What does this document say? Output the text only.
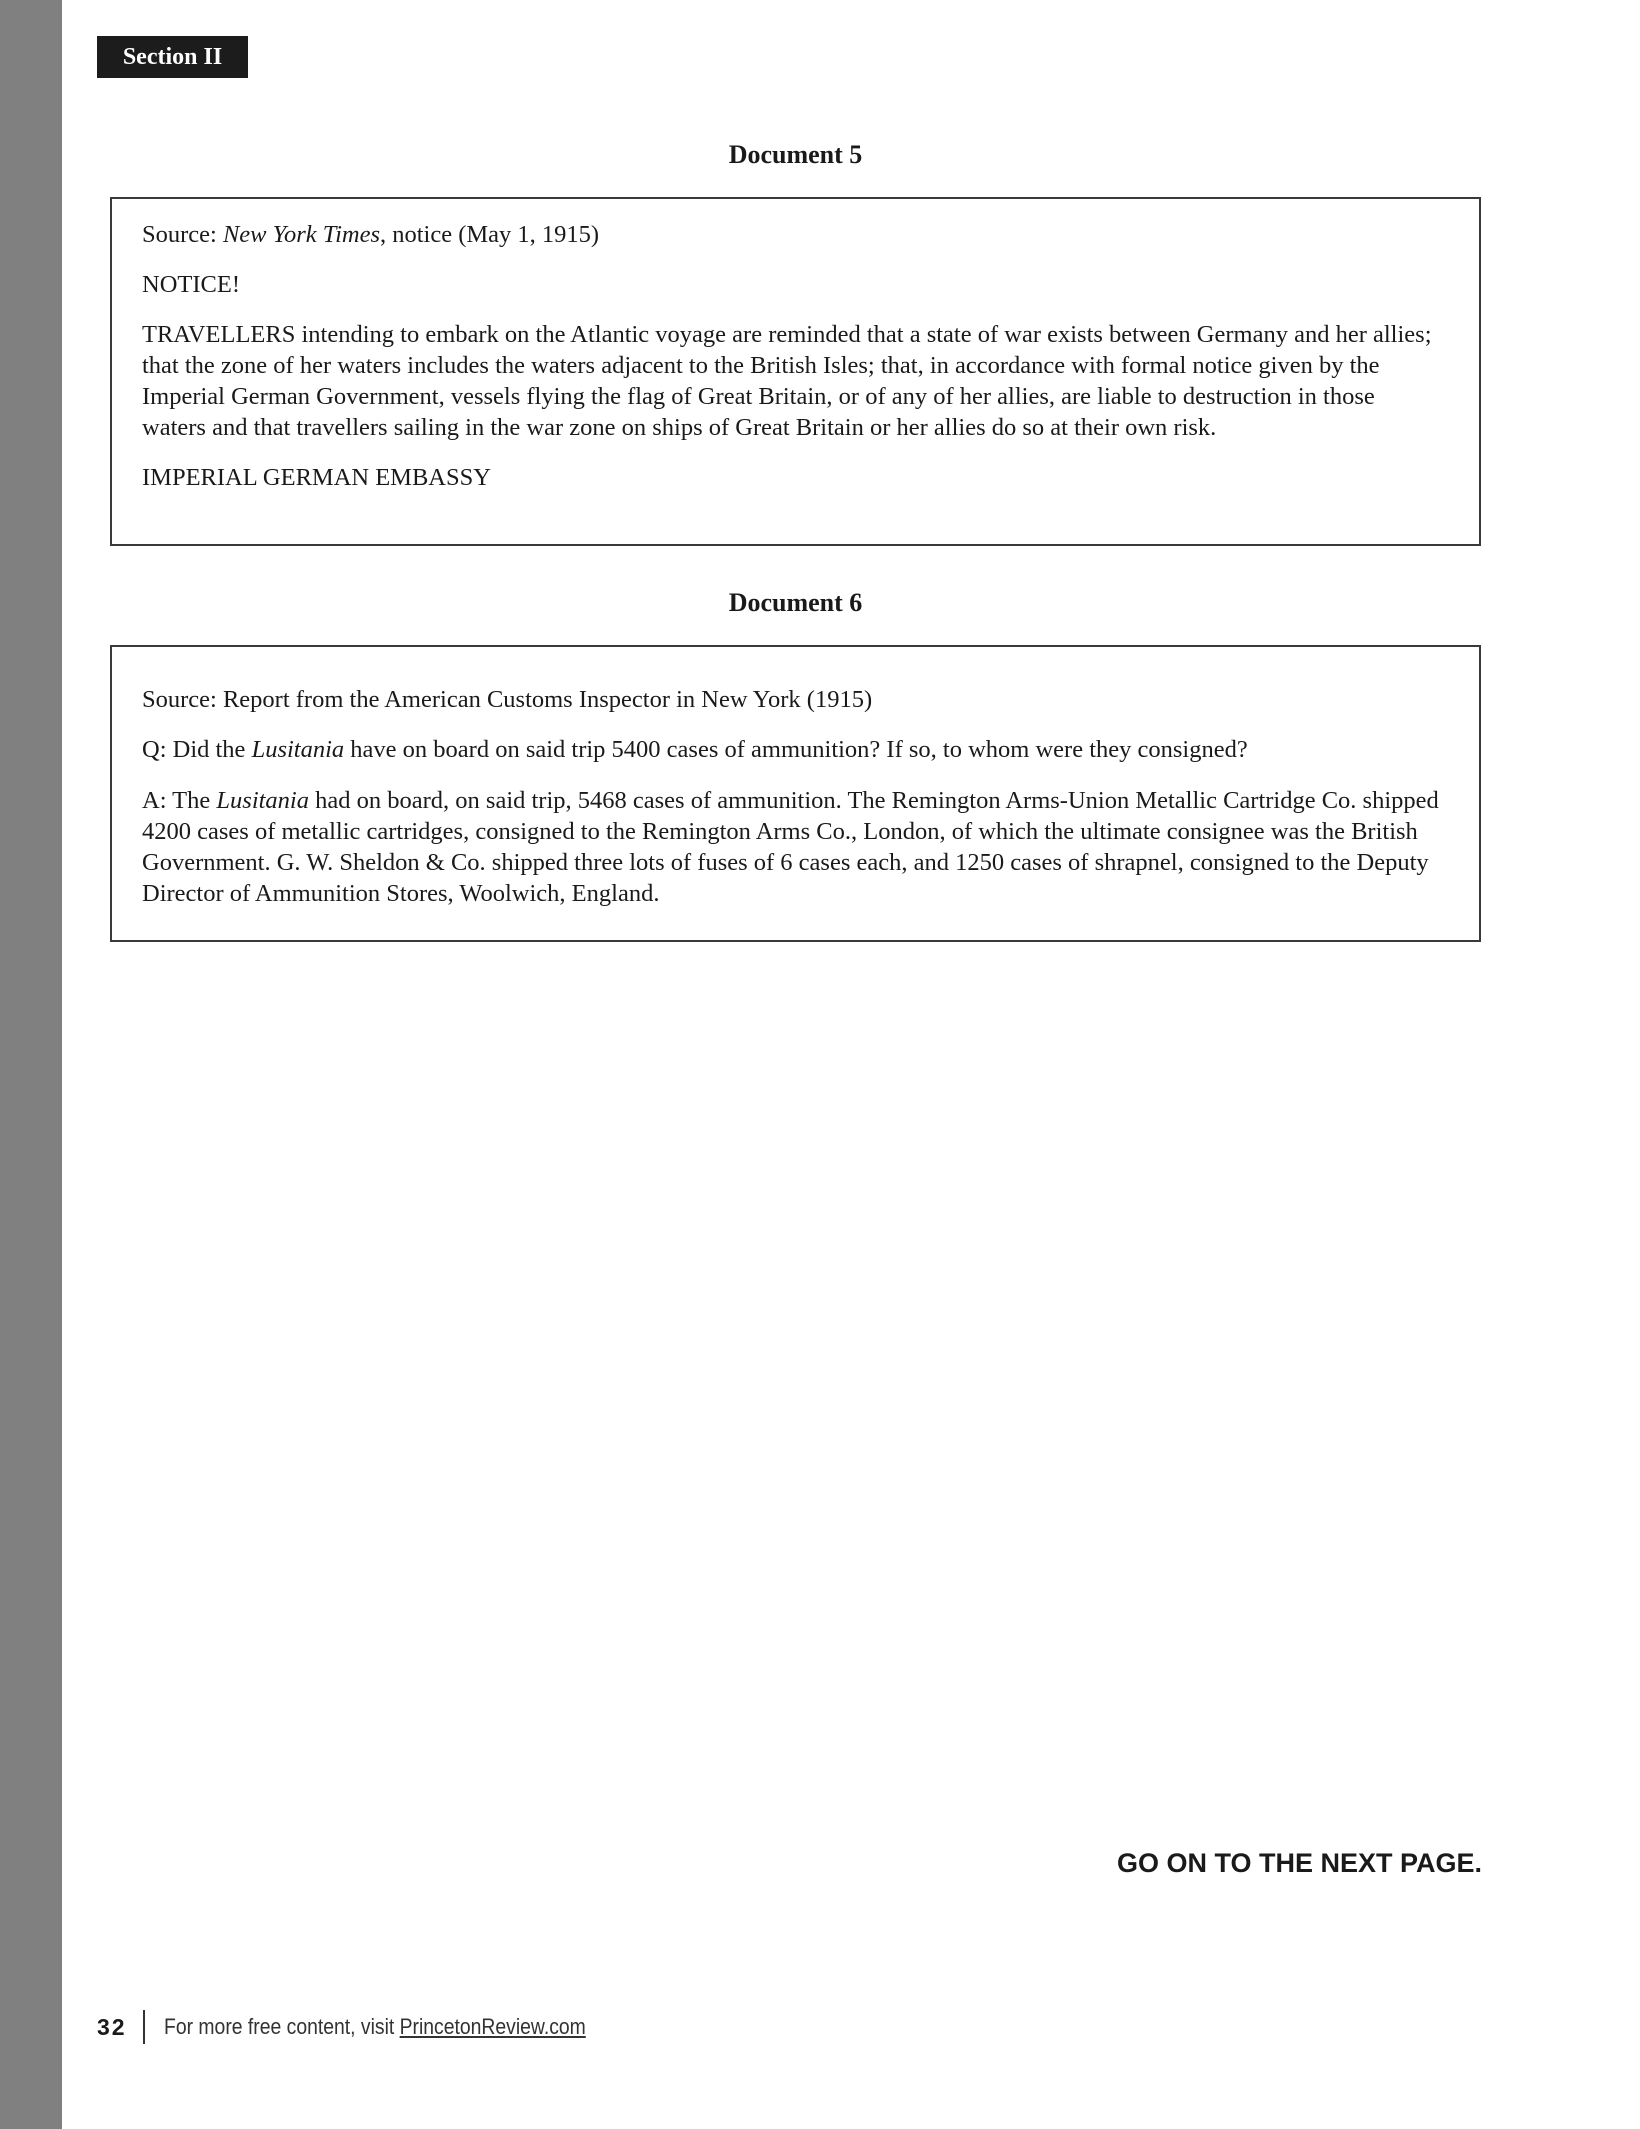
Section II
Document 5

Source: New York Times, notice (May 1, 1915)

NOTICE!

TRAVELLERS intending to embark on the Atlantic voyage are reminded that a state of war exists between Germany and her allies; that the zone of her waters includes the waters adjacent to the British Isles; that, in accordance with formal notice given by the Imperial German Government, vessels flying the flag of Great Britain, or of any of her allies, are liable to destruction in those waters and that travellers sailing in the war zone on ships of Great Britain or her allies do so at their own risk.

IMPERIAL GERMAN EMBASSY

Document 6

Source: Report from the American Customs Inspector in New York (1915)

Q: Did the Lusitania have on board on said trip 5400 cases of ammunition? If so, to whom were they consigned?

A: The Lusitania had on board, on said trip, 5468 cases of ammunition. The Remington Arms-Union Metallic Cartridge Co. shipped 4200 cases of metallic cartridges, consigned to the Remington Arms Co., London, of which the ultimate consignee was the British Government. G. W. Sheldon & Co. shipped three lots of fuses of 6 cases each, and 1250 cases of shrapnel, consigned to the Deputy Director of Ammunition Stores, Woolwich, England.

GO ON TO THE NEXT PAGE.
32 For more free content, visit PrincetonReview.com
